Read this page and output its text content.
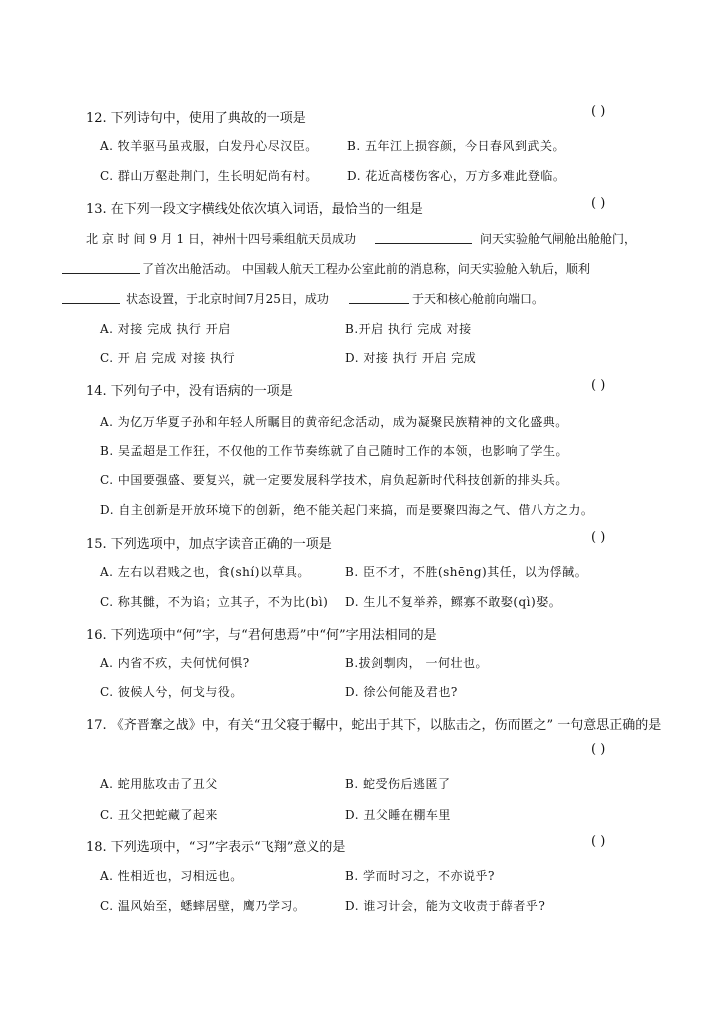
12. 下列诗句中，使用了典故的一项是	( )
A. 牧羊驱马虽戎服，白发丹心尽汉臣。 B. 五年江上损容颜，今日春风到武关。
C. 群山万壑赴荆门，生长明妃尚有村。 D. 花近高楼伤客心，万方多难此登临。
13. 在下列一段文字横线处依次填入词语，最恰当的一组是	( )
北 京 时 间 9 月 1 日，神州十四号乘组航天员成功	问天实验舱气闸舱出舱舱门，
了首次出舱活动。 中国载人航天工程办公室此前的消息称，问天实验舱入轨后，顺利
状态设置，于北京时间7月25日，成功	于天和核心舱前向端口。
A. 对接 完成 执行 开启	B.开启 执行 完成 对接
C. 开 启 完成 对接 执行	D. 对接 执行 开启 完成
14. 下列句子中，没有语病的一项是	( )
A. 为亿万华夏子孙和年轻人所瞩目的黄帝纪念活动，成为凝聚民族精神的文化盛典。
B. 吴孟超是工作狂，不仅他的工作节奏练就了自己随时工作的本领，也影响了学生。
C. 中国要强盛、要复兴，就一定要发展科学技术，肩负起新时代科技创新的排头兵。
D. 自主创新是开放环境下的创新，绝不能关起门来搞，而是要聚四海之气、借八方之力。
15. 下列选项中，加点字读音正确的一项是	( )
A. 左右以君贱之也，食(shí)以草具。	B. 臣不才，不胜(shēng)其任，以为俘馘。
C. 称其雠，不为谄；立其子，不为比(bì) D. 生儿不复举养，鳏寡不敢娶(qì)娶。
16. 下列选项中“何”字，与“君何患焉”中“何”字用法相同的是
A. 内省不疚，夫何忧何惧?	B.拔剑剸肉， 一何壮也。
C. 彼候人兮，何戈与役。	D. 徐公何能及君也?
17. 《齐晋鞌之战》中，有关“丑父寝于轏中，蛇出于其下，以肱击之，伤而匿之” 一句意思正确的是
( )
A. 蛇用肱攻击了丑父	B. 蛇受伤后逃匿了
C. 丑父把蛇藏了起来	D. 丑父睡在棚车里
18. 下列选项中，“习”字表示“飞翔”意义的是	( )
A. 性相近也，习相远也。	B. 学而时习之，不亦说乎?
C. 温风始至，蟋蟀居壁，鹰乃学习。	D. 谁习计会，能为文收责于薛者乎?
